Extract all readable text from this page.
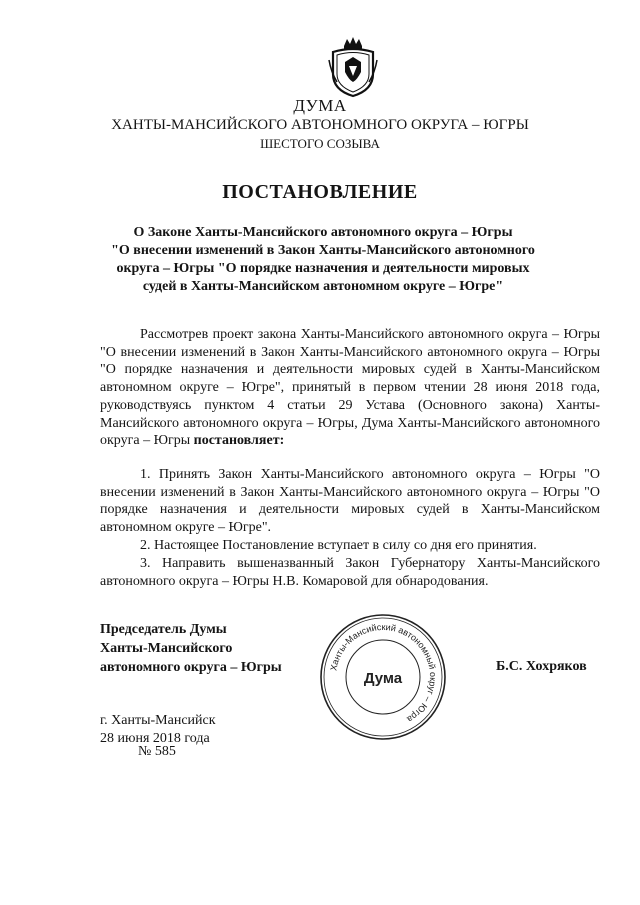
ДУМА
ХАНТЫ-МАНСИЙСКОГО АВТОНОМНОГО ОКРУГА – ЮГРЫ
ШЕСТОГО СОЗЫВА
ПОСТАНОВЛЕНИЕ
О Законе Ханты-Мансийского автономного округа – Югры
"О внесении изменений в Закон Ханты-Мансийского автономного
округа – Югры "О порядке назначения и деятельности мировых
судей в Ханты-Мансийском автономном округе – Югре"
Рассмотрев проект закона Ханты-Мансийского автономного округа – Югры "О внесении изменений в Закон Ханты-Мансийского автономного округа – Югры "О порядке назначения и деятельности мировых судей в Ханты-Мансийском автономном округе – Югре", принятый в первом чтении 28 июня 2018 года, руководствуясь пунктом 4 статьи 29 Устава (Основного закона) Ханты-Мансийского автономного округа – Югры, Дума Ханты-Мансийского автономного округа – Югры постановляет:
1. Принять Закон Ханты-Мансийского автономного округа – Югры "О внесении изменений в Закон Ханты-Мансийского автономного округа – Югры "О порядке назначения и деятельности мировых судей в Ханты-Мансийском автономном округе – Югре".
2. Настоящее Постановление вступает в силу со дня его принятия.
3. Направить вышеназванный Закон Губернатору Ханты-Мансийского автономного округа – Югры Н.В. Комаровой для обнародования.
Председатель Думы
Ханты-Мансийского
автономного округа – Югры	Ханты-Мансийский автономный округ – Югра
Дума
Б.С. Хохряков
г. Ханты-Мансийск
28 июня 2018 года
№ 585
